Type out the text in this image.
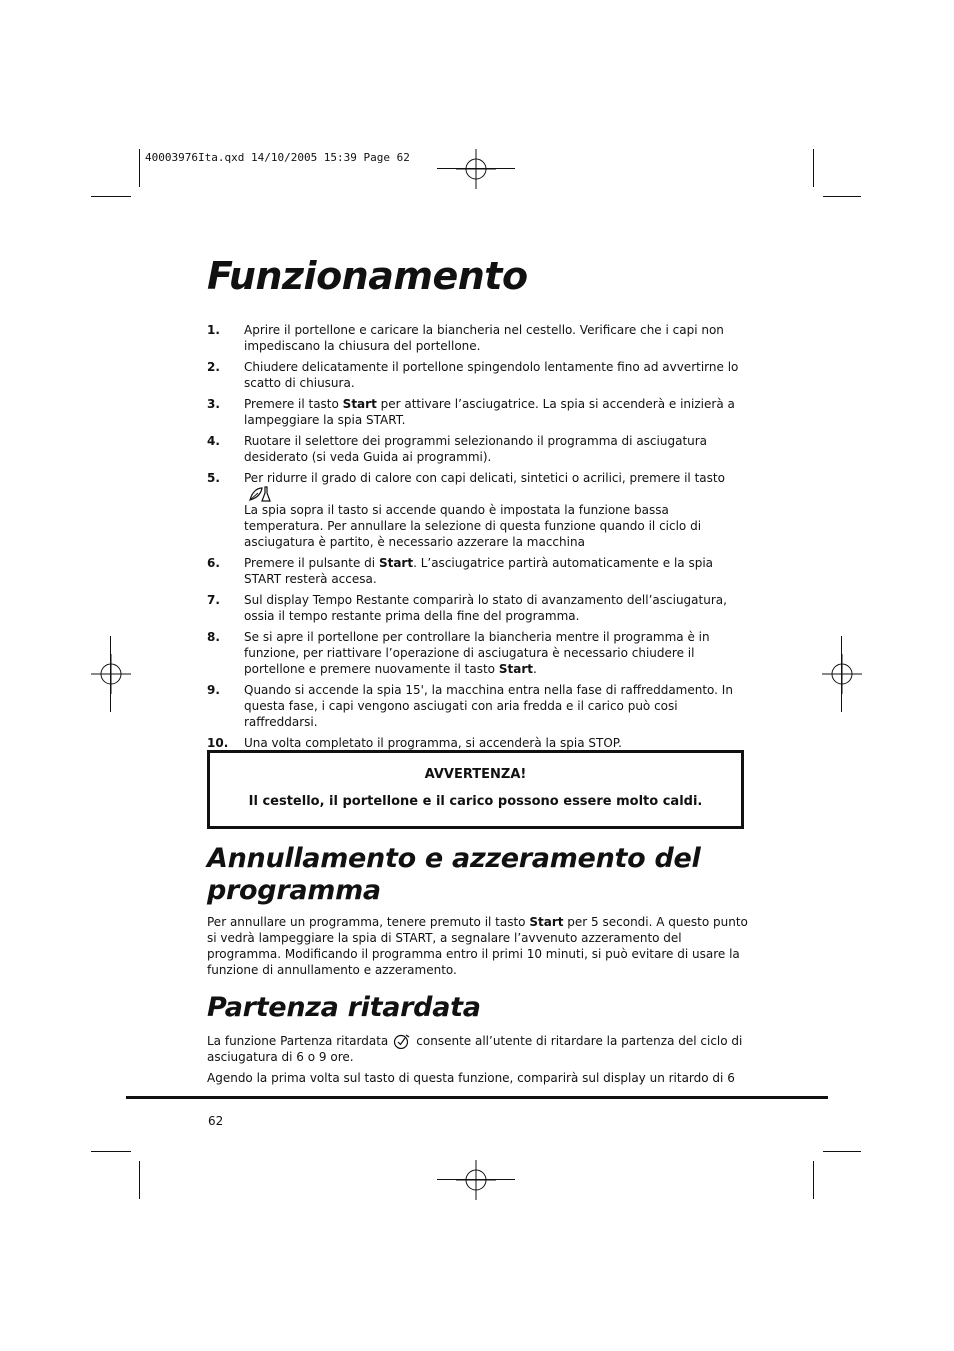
40003976Ita.qxd 14/10/2005 15:39 Page 62
Funzionamento
1.	Aprire il portellone e caricare la biancheria nel cestello. Verificare che i capi non impediscano la chiusura del portellone.
2.	Chiudere delicatamente il portellone spingendolo lentamente fino ad avvertirne lo scatto di chiusura.
3.	Premere il tasto Start per attivare l’asciugatrice. La spia si accenderà e inizierà a lampeggiare la spia START.
4.	Ruotare il selettore dei programmi selezionando il programma di asciugatura desiderato (si veda Guida ai programmi).
5.	Per ridurre il grado di calore con capi delicati, sintetici o acrilici, premere il tasto

La spia sopra il tasto si accende quando è impostata la funzione bassa temperatura. Per annullare la selezione di questa funzione quando il ciclo di asciugatura è partito, è necessario azzerare la macchina
6.	Premere il pulsante di Start. L’asciugatrice partirà automaticamente e la spia START resterà accesa.
7.	Sul display Tempo Restante comparirà lo stato di avanzamento dell’asciugatura, ossia il tempo restante prima della fine del programma.
8.	Se si apre il portellone per controllare la biancheria mentre il programma è in funzione, per riattivare l’operazione di asciugatura è necessario chiudere il portellone e premere nuovamente il tasto Start.
9.	Quando si accende la spia 15', la macchina entra nella fase di raffreddamento. In questa fase, i capi vengono asciugati con aria fredda e il carico può cosi raffreddarsi.
10.	Una volta completato il programma, si accenderà la spia STOP.
AVVERTENZA!
Il cestello, il portellone e il carico possono essere molto caldi.
Annullamento e azzeramento del programma

Per annullare un programma, tenere premuto il tasto Start per 5 secondi. A questo punto si vedrà lampeggiare la spia di START, a segnalare l’avvenuto azzeramento del programma. Modificando il programma entro il primi 10 minuti, si può evitare di usare la funzione di annullamento e azzeramento.

Partenza ritardata

La funzione Partenza ritardata consente all’utente di ritardare la partenza del ciclo di asciugatura di 6 o 9 ore.

Agendo la prima volta sul tasto di questa funzione, comparirà sul display un ritardo di 6

62
